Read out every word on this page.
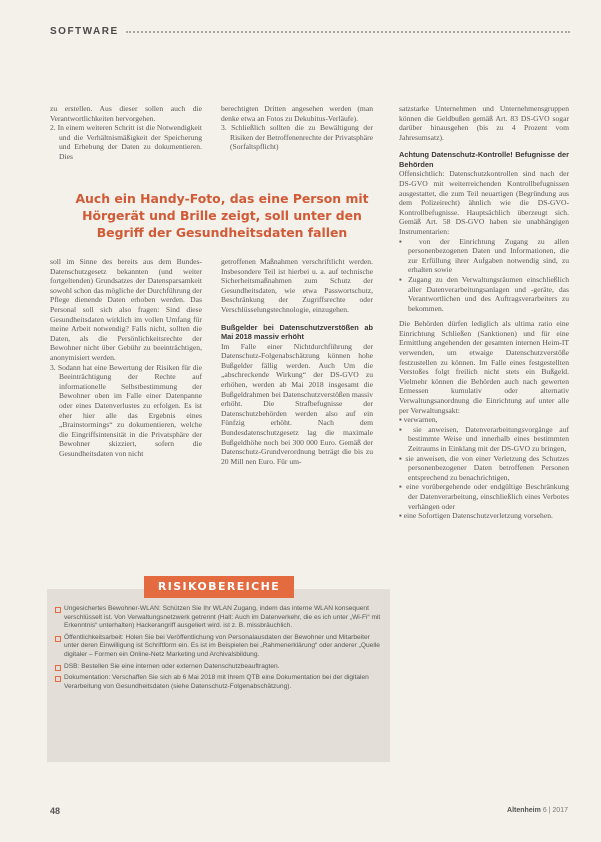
SOFTWARE

zu erstellen. Aus dieser sollen auch die Verantwortlichkeiten hervorgehen.

2. In einem weiteren Schritt ist die Notwendigkeit und die Verhältnismäßigkeit der Speicherung und Erhebung der Daten zu dokumentieren. Dies

berechtigten Dritten angesehen werden (man denke etwa an Fotos zu Dekubitus-Verläufe).

3. Schließlich sollten die zu Bewältigung der Risiken der Betroffenenrechte der Privatsphäre (Sorfaltspflicht)

Auch ein Handy-Foto, das eine Person mit Hörgerät und Brille zeigt, soll unter den Begriff der Gesundheitsdaten fallen

soll im Sinne des bereits aus dem Bundes-Datenschutzgesetz bekannten (und weiter fortgeltenden) Grundsatzes der Datensparsamkeit sowohl schon das mögliche der Durchführung der Pflege dienende Daten erhoben werden. Das Personal soll sich also fragen: Sind diese Gesundheitsdaten wirklich im vollen Umfang für meine Arbeit notwendig? Falls nicht, sollten die Daten, als die Persönlichkeitsrechte der Bewohner nicht über Gebühr zu beeinträchtigen, anonymisiert werden.

3. Sodann hat eine Bewertung der Risiken für die Beeinträchtigung der Rechte auf informationelle Selbstbestimmung der Bewohner oben im Falle einer Datenpanne oder eines Datenverlustes zu erfolgen. Es ist eher hier alle das Ergebnis eines „Brainstormings“ zu dokumentieren, welche die Eingriffsintensität in die Privatsphäre der Bewohner skizziert, sofern die Gesundheitsdaten von nicht

getroffenen Maßnahmen verschriftlicht werden. Insbesondere Teil ist hierbei u. a. auf technische Sicherheitsmaßnahmen zum Schutz der Gesundheitsdaten, wie etwa Passwortschutz, Beschränkung der Zugriffsrechte oder Verschlüsselungstechnologie, einzugehen.

Bußgelder bei Datenschutzverstößen ab Mai 2018 massiv erhöht

Im Falle einer Nichtdurchführung der Datenschutz-Folgenabschätzung können hohe Bußgelder fällig werden. Auch Um die „abschreckende Wirkung“ der DS-GVO zu erhöhen, werden ab Mai 2018 insgesamt die Bußgeldrahmen bei Datenschutzverstößen massiv erhöht. Die Strafbefugnisse der Datenschutzbehörden werden also auf ein Fünfzig erhöht. Nach dem Bundesdatenschutzgesetz lag die maximale Bußgeldhöhe noch bei 300 000 Euro. Gemäß der Datenschutz-Grundverordnung beträgt die bis zu 20 Mill nen Euro. Für um-

satzstarke Unternehmen und Unternehmensgruppen können die Geldbußen gemäß Art. 83 DS-GVO sogar darüber hinausgehen (bis zu 4 Prozent vom Jahresumsatz).

Achtung Datenschutz-Kontrolle! Befugnisse der Behörden

Offensichtlich: Datenschutzkontrollen sind nach der DS-GVO mit weiterreichenden Kontrollbefugnissen ausgestattet, die zum Teil neuartigen (Begründung aus dem Polizeirecht) ähnlich wie die DS-GVO-Kontrollbefugnisse. Hauptsächlich überzeugt sich. Gemäß Art. 58 DS-GVO haben sie unabhängigen Instrumentarien:

▪ von der Einrichtung Zugang zu allen personenbezogenen Daten und Informationen, die zur Erfüllung ihrer Aufgaben notwendig sind, zu erhalten sowie

▪ Zugang zu den Verwaltungsräumen einschließlich aller Datenverarbeitungsanlagen und -geräte, das Verantwortlichen und des Auftragsverarbeiters zu bekommen.

Die Behörden dürfen lediglich als ultima ratio eine Einrichtung Schließen (Sanktionen) und für eine Ermittlung angehenden der gesamten internen Heim-IT verwenden, um etwaige Datenschutzverstöße festzustellen zu können. Im Falle eines festgestellten Verstoßes folgt freilich nicht stets ein Bußgeld. Vielmehr können die Behörden auch nach gewerten Ermessen kumulativ oder alternativ Verwaltungsanordnung die Einrichtung auf unter alle per Verwaltungsakt:

▪ verwarnen,

▪ sie anweisen, Datenverarbeitungsvorgänge auf bestimmte Weise und innerhalb eines bestimmten Zeitraums in Einklang mit der DS-GVO zu bringen,

▪ sie anweisen, die von einer Verletzung des Schutzes personenbezogener Daten betroffenen Personen entsprechend zu benachrichtigen,

▪ eine vorübergehende oder endgültige Beschränkung der Datenverarbeitung, einschließlich eines Verbotes verhängen oder

▪ eine Sofortigen Datenschutzverletzung vorsehen.

RISIKOBEREICHE
Ungesichertes Bewohner-WLAN: Schützen Sie Ihr WLAN Zugang, indem das interne WLAN konsequent verschlüsselt ist. Von Verwaltungsnetzwerk getrennt (Halt: Auch im Datenverkehr, die es ich unter „Wi-Fi“ mit Erkenntnis“ unterhalten) Hackerangriff ausgeliert wird. ist z. B. missbräuchlich.
Öffentlichkeitsarbeit: Holen Sie bei Veröffentlichung von Personalausdaten der Bewohner und Mitarbeiter unter deren Einwilligung ist Schriftform ein. Es ist im Beispielen bei „Rahmenerklärung“ oder anderer „Quelle digitaler – Formen ein Online-Netz Marketing und Archivalsbildung.
DSB: Bestellen Sie eine internen oder externen Datenschutzbeauftragten.
Dokumentation: Verschaffen Sie sich ab 6 Mai 2018 mit Ihrem QTB eine Dokumentation bei der digitalen Verarbeitung von Gesundheitsdaten (siehe Datenschutz-Folgenabschätzung).
48	Altenheim 6 | 2017
